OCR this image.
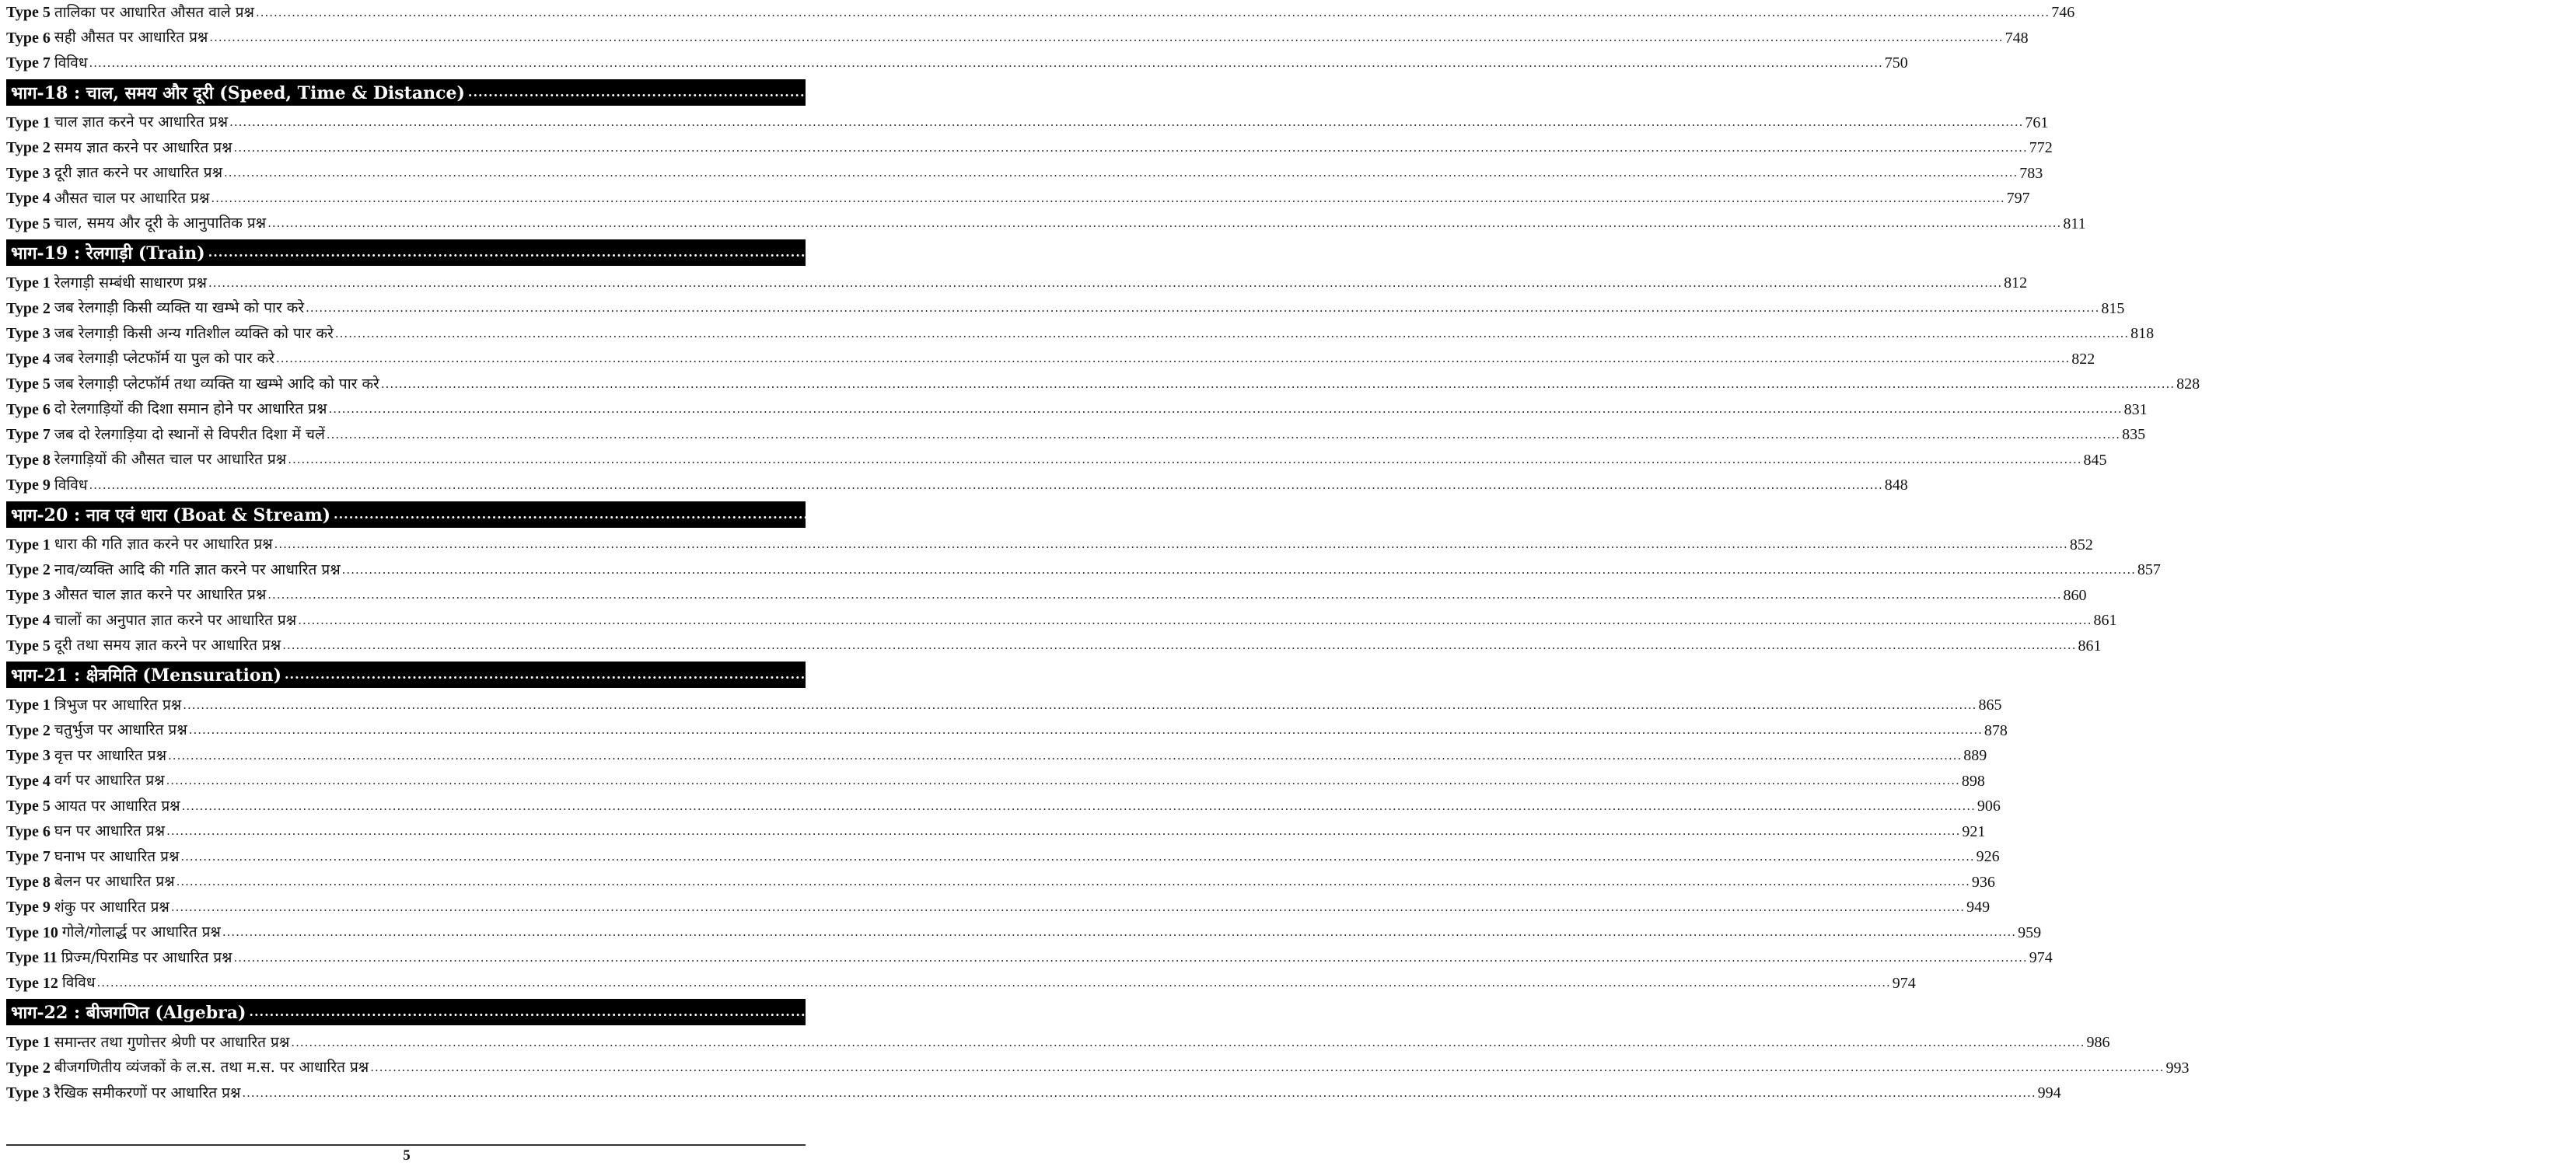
Type 5 तालिका पर आधारित औसत वाले प्रश्न ................................................................................................................................................................................................................................................................................................................................................................................................................ 746
Type 6 सही औसत पर आधारित प्रश्न ................................................................................................................................................................................................................................................................................................................................................................................................................ 748
Type 7 विविध ................................................................................................................................................................................................................................................................................................................................................................................................................ 750
भाग-18 : चाल, समय और दूरी (Speed, Time & Distance) ................................................................................................................................................................................................................................................................................................................................................................................................................ 761-811
Type 1 चाल ज्ञात करने पर आधारित प्रश्न ................................................................................................................................................................................................................................................................................................................................................................................................................ 761
Type 2 समय ज्ञात करने पर आधारित प्रश्न ................................................................................................................................................................................................................................................................................................................................................................................................................ 772
Type 3 दूरी ज्ञात करने पर आधारित प्रश्न ................................................................................................................................................................................................................................................................................................................................................................................................................ 783
Type 4 औसत चाल पर आधारित प्रश्न ................................................................................................................................................................................................................................................................................................................................................................................................................ 797
Type 5 चाल, समय और दूरी के आनुपातिक प्रश्न ................................................................................................................................................................................................................................................................................................................................................................................................................ 811
भाग-19 : रेलगाड़ी (Train) ................................................................................................................................................................................................................................................................................................................................................................................................................ 812-851
Type 1 रेलगाड़ी सम्बंधी साधारण प्रश्न ................................................................................................................................................................................................................................................................................................................................................................................................................ 812
Type 2 जब रेलगाड़ी किसी व्यक्ति या खम्भे को पार करे ................................................................................................................................................................................................................................................................................................................................................................................................................ 815
Type 3 जब रेलगाड़ी किसी अन्य गतिशील व्यक्ति को पार करे ................................................................................................................................................................................................................................................................................................................................................................................................................ 818
Type 4 जब रेलगाड़ी प्लेटफॉर्म या पुल को पार करे ................................................................................................................................................................................................................................................................................................................................................................................................................ 822
Type 5 जब रेलगाड़ी प्लेटफॉर्म तथा व्यक्ति या खम्भे आदि को पार करे ................................................................................................................................................................................................................................................................................................................................................................................................................ 828
Type 6 दो रेलगाड़ियों की दिशा समान होने पर आधारित प्रश्न ................................................................................................................................................................................................................................................................................................................................................................................................................ 831
Type 7 जब दो रेलगाड़िया दो स्थानों से विपरीत दिशा में चलें ................................................................................................................................................................................................................................................................................................................................................................................................................ 835
Type 8 रेलगाड़ियों की औसत चाल पर आधारित प्रश्न ................................................................................................................................................................................................................................................................................................................................................................................................................ 845
Type 9 विविध ................................................................................................................................................................................................................................................................................................................................................................................................................ 848
भाग-20 : नाव एवं धारा (Boat & Stream) ................................................................................................................................................................................................................................................................................................................................................................................................................ 852-864
Type 1 धारा की गति ज्ञात करने पर आधारित प्रश्न ................................................................................................................................................................................................................................................................................................................................................................................................................ 852
Type 2 नाव/व्यक्ति आदि की गति ज्ञात करने पर आधारित प्रश्न ................................................................................................................................................................................................................................................................................................................................................................................................................ 857
Type 3 औसत चाल ज्ञात करने पर आधारित प्रश्न ................................................................................................................................................................................................................................................................................................................................................................................................................ 860
Type 4 चालों का अनुपात ज्ञात करने पर आधारित प्रश्न ................................................................................................................................................................................................................................................................................................................................................................................................................ 861
Type 5 दूरी तथा समय ज्ञात करने पर आधारित प्रश्न ................................................................................................................................................................................................................................................................................................................................................................................................................ 861
भाग-21 : क्षेत्रमिति (Mensuration) ................................................................................................................................................................................................................................................................................................................................................................................................................ 865-985
Type 1 त्रिभुज पर आधारित प्रश्न ................................................................................................................................................................................................................................................................................................................................................................................................................ 865
Type 2 चतुर्भुज पर आधारित प्रश्न ................................................................................................................................................................................................................................................................................................................................................................................................................ 878
Type 3 वृत्त पर आधारित प्रश्न ................................................................................................................................................................................................................................................................................................................................................................................................................ 889
Type 4 वर्ग पर आधारित प्रश्न ................................................................................................................................................................................................................................................................................................................................................................................................................ 898
Type 5 आयत पर आधारित प्रश्न ................................................................................................................................................................................................................................................................................................................................................................................................................ 906
Type 6 घन पर आधारित प्रश्न ................................................................................................................................................................................................................................................................................................................................................................................................................ 921
Type 7 घनाभ पर आधारित प्रश्न ................................................................................................................................................................................................................................................................................................................................................................................................................ 926
Type 8 बेलन पर आधारित प्रश्न ................................................................................................................................................................................................................................................................................................................................................................................................................ 936
Type 9 शंकु पर आधारित प्रश्न ................................................................................................................................................................................................................................................................................................................................................................................................................ 949
Type 10 गोले/गोलार्द्ध पर आधारित प्रश्न ................................................................................................................................................................................................................................................................................................................................................................................................................ 959
Type 11 प्रिज्म/पिरामिड पर आधारित प्रश्न ................................................................................................................................................................................................................................................................................................................................................................................................................ 974
Type 12 विविध ................................................................................................................................................................................................................................................................................................................................................................................................................ 974
भाग-22 : बीजगणित (Algebra) ................................................................................................................................................................................................................................................................................................................................................................................................................ 986-1038
Type 1 समान्तर तथा गुणोत्तर श्रेणी पर आधारित प्रश्न ................................................................................................................................................................................................................................................................................................................................................................................................................ 986
Type 2 बीजगणितीय व्यंजकों के ल.स. तथा म.स. पर आधारित प्रश्न ................................................................................................................................................................................................................................................................................................................................................................................................................ 993
Type 3 रैखिक समीकरणों पर आधारित प्रश्न ................................................................................................................................................................................................................................................................................................................................................................................................................ 994
5
